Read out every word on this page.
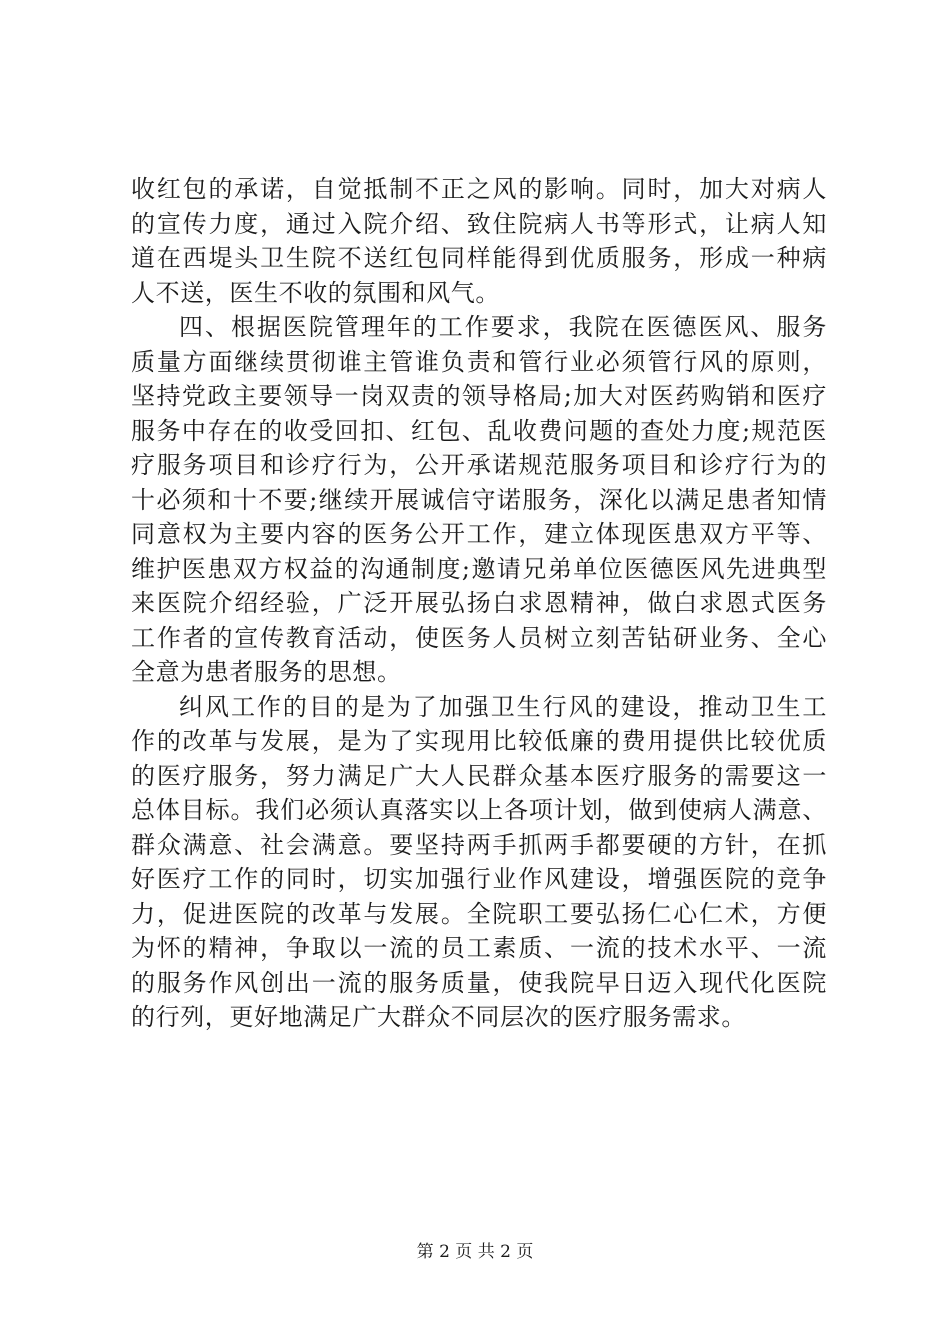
收红包的承诺，自觉抵制不正之风的影响。同时，加大对病人
的宣传力度，通过入院介绍、致住院病人书等形式，让病人知
道在西堤头卫生院不送红包同样能得到优质服务，形成一种病
人不送，医生不收的氛围和风气。
四、根据医院管理年的工作要求，我院在医德医风、服务
质量方面继续贯彻谁主管谁负责和管行业必须管行风的原则，
坚持党政主要领导一岗双责的领导格局;加大对医药购销和医疗
服务中存在的收受回扣、红包、乱收费问题的查处力度;规范医
疗服务项目和诊疗行为，公开承诺规范服务项目和诊疗行为的
十必须和十不要;继续开展诚信守诺服务，深化以满足患者知情
同意权为主要内容的医务公开工作，建立体现医患双方平等、
维护医患双方权益的沟通制度;邀请兄弟单位医德医风先进典型
来医院介绍经验，广泛开展弘扬白求恩精神，做白求恩式医务
工作者的宣传教育活动，使医务人员树立刻苦钻研业务、全心
全意为患者服务的思想。
纠风工作的目的是为了加强卫生行风的建设，推动卫生工
作的改革与发展，是为了实现用比较低廉的费用提供比较优质
的医疗服务，努力满足广大人民群众基本医疗服务的需要这一
总体目标。我们必须认真落实以上各项计划，做到使病人满意、
群众满意、社会满意。要坚持两手抓两手都要硬的方针，在抓
好医疗工作的同时，切实加强行业作风建设，增强医院的竞争
力，促进医院的改革与发展。全院职工要弘扬仁心仁术，方便
为怀的精神，争取以一流的员工素质、一流的技术水平、一流
的服务作风创出一流的服务质量，使我院早日迈入现代化医院
的行列，更好地满足广大群众不同层次的医疗服务需求。
第 2 页 共 2 页
